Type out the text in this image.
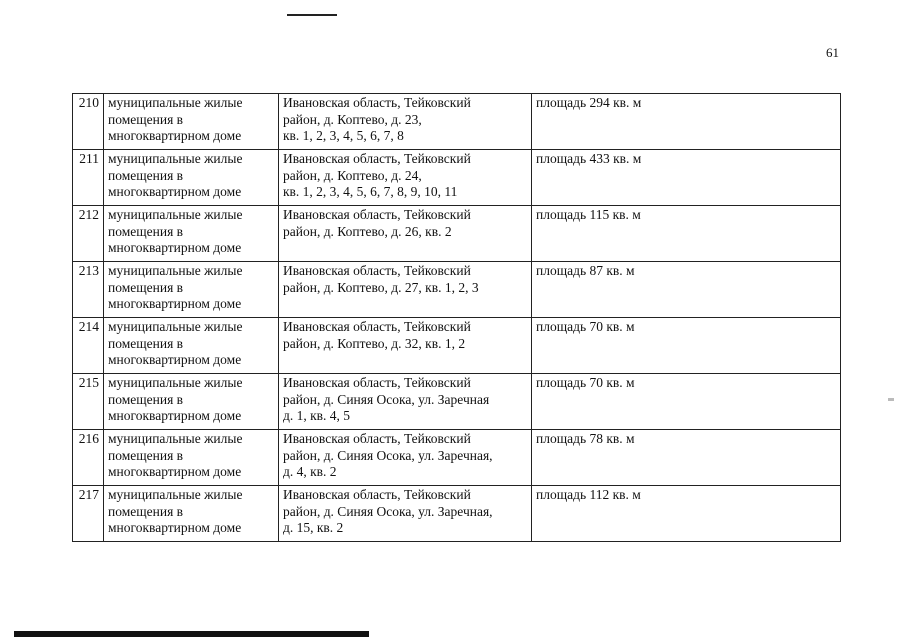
61
210	муниципальные жилые
помещения в
многоквартирном доме	Ивановская область, Тейковский
район, д. Коптево, д. 23,
кв. 1, 2, 3, 4, 5, 6, 7, 8	площадь 294 кв. м
211	муниципальные жилые
помещения в
многоквартирном доме	Ивановская область, Тейковский
район, д. Коптево, д. 24,
кв. 1, 2, 3, 4, 5, 6, 7, 8, 9, 10, 11	площадь 433 кв. м
212	муниципальные жилые
помещения в
многоквартирном доме	Ивановская область, Тейковский
район, д. Коптево, д. 26, кв. 2	площадь 115 кв. м
213	муниципальные жилые
помещения в
многоквартирном доме	Ивановская область, Тейковский
район, д. Коптево, д. 27, кв. 1, 2, 3	площадь 87 кв. м
214	муниципальные жилые
помещения в
многоквартирном доме	Ивановская область, Тейковский
район, д. Коптево, д. 32, кв. 1, 2	площадь 70 кв. м
215	муниципальные жилые
помещения в
многоквартирном доме	Ивановская область, Тейковский
район, д. Синяя Осока, ул. Заречная
д. 1, кв. 4, 5	площадь 70 кв. м
216	муниципальные жилые
помещения в
многоквартирном доме	Ивановская область, Тейковский
район, д. Синяя Осока, ул. Заречная,
д. 4, кв. 2	площадь 78 кв. м
217	муниципальные жилые
помещения в
многоквартирном доме	Ивановская область, Тейковский
район, д. Синяя Осока, ул. Заречная,
д. 15, кв. 2	площадь 112 кв. м
